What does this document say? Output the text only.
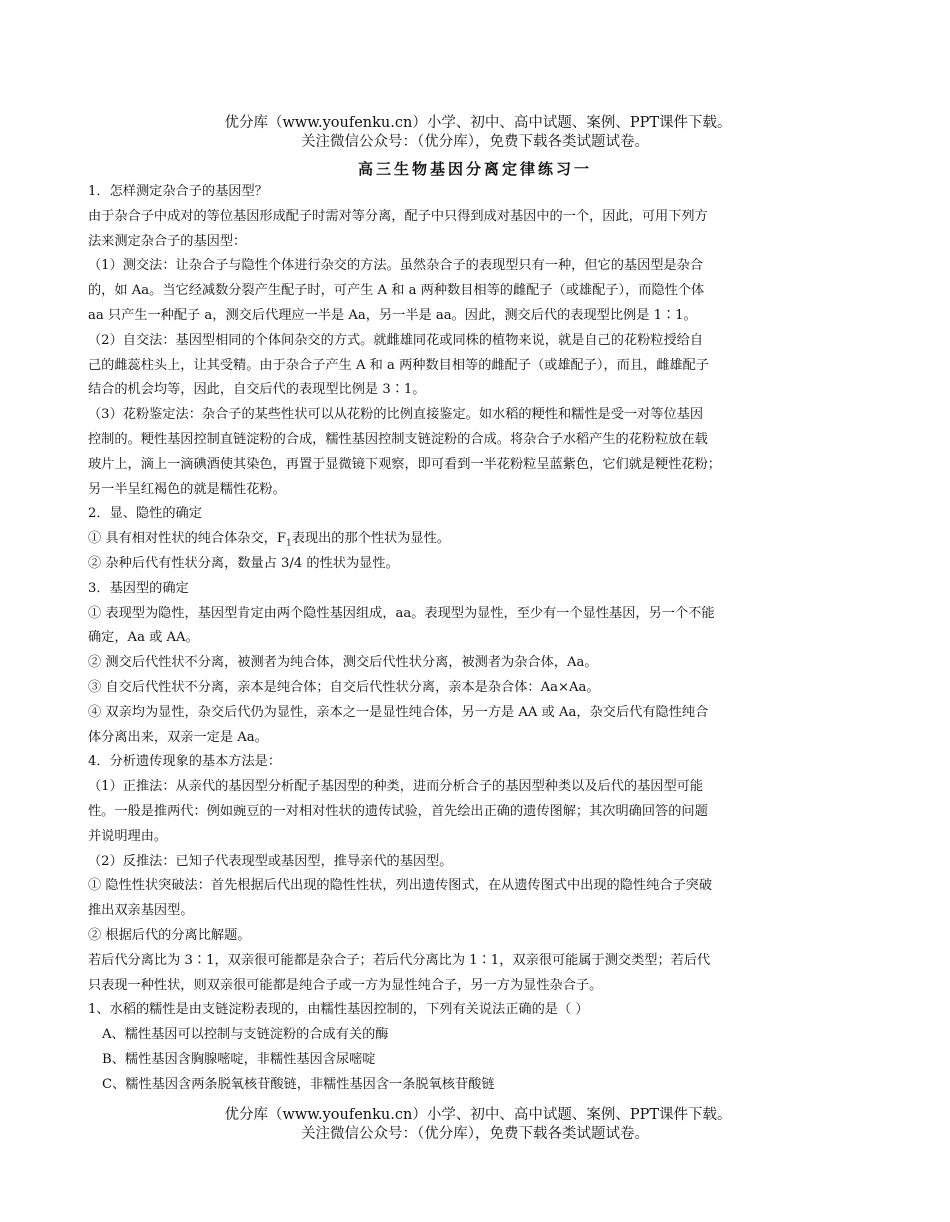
优分库（www.youfenku.cn）小学、初中、高中试题、案例、PPT课件下载。
关注微信公众号：（优分库），免费下载各类试题试卷。
高三生物基因分离定律练习一

1．怎样测定杂合子的基因型？

由于杂合子中成对的等位基因形成配子时需对等分离，配子中只得到成对基因中的一个，因此，可用下列方

法来测定杂合子的基因型：

（1）测交法：让杂合子与隐性个体进行杂交的方法。虽然杂合子的表现型只有一种，但它的基因型是杂合

的，如 Aa。当它经减数分裂产生配子时，可产生 A 和 a 两种数目相等的雌配子（或雄配子），而隐性个体

aa 只产生一种配子 a，测交后代理应一半是 Aa，另一半是 aa。因此，测交后代的表现型比例是 1∶1。

（2）自交法：基因型相同的个体间杂交的方式。就雌雄同花或同株的植物来说，就是自己的花粉粒授给自

己的雌蕊柱头上，让其受精。由于杂合子产生 A 和 a 两种数目相等的雌配子（或雄配子），而且，雌雄配子

结合的机会均等，因此，自交后代的表现型比例是 3∶1。

（3）花粉鉴定法：杂合子的某些性状可以从花粉的比例直接鉴定。如水稻的粳性和糯性是受一对等位基因

控制的。粳性基因控制直链淀粉的合成，糯性基因控制支链淀粉的合成。将杂合子水稻产生的花粉粒放在载

玻片上，滴上一滴碘酒使其染色，再置于显微镜下观察，即可看到一半花粉粒呈蓝紫色，它们就是粳性花粉；

另一半呈红褐色的就是糯性花粉。

2．显、隐性的确定

① 具有相对性状的纯合体杂交，$F_1$表现出的那个性状为显性。

② 杂种后代有性状分离，数量占 3/4 的性状为显性。

3．基因型的确定

① 表现型为隐性，基因型肯定由两个隐性基因组成，aa。表现型为显性，至少有一个显性基因，另一个不能

确定，Aa 或 AA。

② 测交后代性状不分离，被测者为纯合体，测交后代性状分离，被测者为杂合体，Aa。

③ 自交后代性状不分离，亲本是纯合体；自交后代性状分离，亲本是杂合体：Aa×Aa。

④ 双亲均为显性，杂交后代仍为显性，亲本之一是显性纯合体，另一方是 AA 或 Aa，杂交后代有隐性纯合

体分离出来，双亲一定是 Aa。

4．分析遗传现象的基本方法是：

（1）正推法：从亲代的基因型分析配子基因型的种类，进而分析合子的基因型种类以及后代的基因型可能

性。一般是推两代：例如豌豆的一对相对性状的遗传试验，首先绘出正确的遗传图解；其次明确回答的问题

并说明理由。

（2）反推法：已知子代表现型或基因型，推导亲代的基因型。

① 隐性性状突破法：首先根据后代出现的隐性性状，列出遗传图式，在从遗传图式中出现的隐性纯合子突破

推出双亲基因型。

② 根据后代的分离比解题。

若后代分离比为 3∶1，双亲很可能都是杂合子；若后代分离比为 1∶1，双亲很可能属于测交类型；若后代

只表现一种性状，则双亲很可能都是纯合子或一方为显性纯合子，另一方为显性杂合子。

1、水稻的糯性是由支链淀粉表现的，由糯性基因控制的，下列有关说法正确的是（ ）

A、糯性基因可以控制与支链淀粉的合成有关的酶

B、糯性基因含胸腺嘧啶，非糯性基因含尿嘧啶

C、糯性基因含两条脱氧核苷酸链，非糯性基因含一条脱氧核苷酸链

优分库（www.youfenku.cn）小学、初中、高中试题、案例、PPT课件下载。
关注微信公众号：（优分库），免费下载各类试题试卷。
